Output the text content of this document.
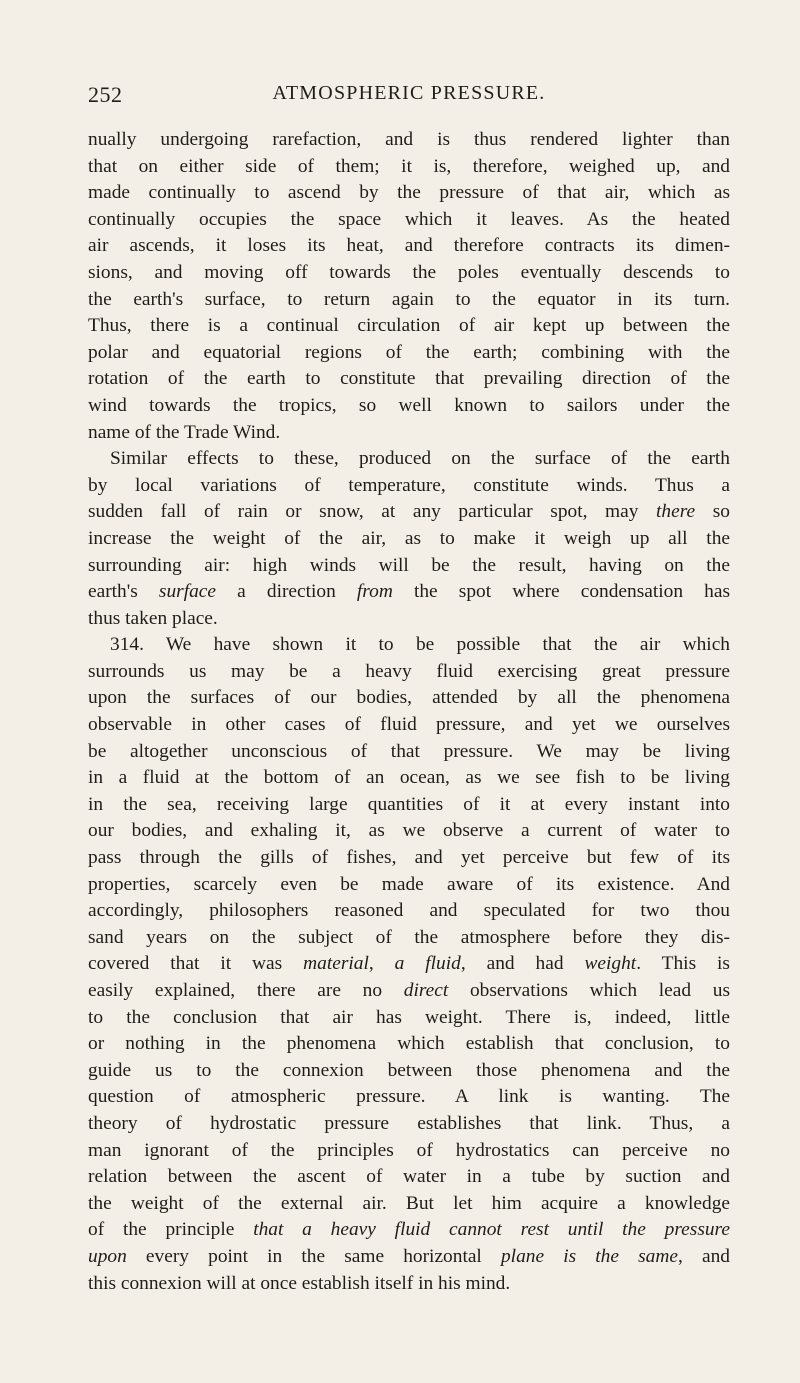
252	ATMOSPHERIC PRESSURE.
nually undergoing rarefaction, and is thus rendered lighter than
that on either side of them; it is, therefore, weighed up, and
made continually to ascend by the pressure of that air, which as
continually occupies the space which it leaves. As the heated
air ascends, it loses its heat, and therefore contracts its dimen-
sions, and moving off towards the poles eventually descends to
the earth's surface, to return again to the equator in its turn.
Thus, there is a continual circulation of air kept up between the
polar and equatorial regions of the earth; combining with the
rotation of the earth to constitute that prevailing direction of the
wind towards the tropics, so well known to sailors under the
name of the Trade Wind.
Similar effects to these, produced on the surface of the earth
by local variations of temperature, constitute winds. Thus a
sudden fall of rain or snow, at any particular spot, may there so
increase the weight of the air, as to make it weigh up all the
surrounding air: high winds will be the result, having on the
earth's surface a direction from the spot where condensation has
thus taken place.
314. We have shown it to be possible that the air which
surrounds us may be a heavy fluid exercising great pressure
upon the surfaces of our bodies, attended by all the phenomena
observable in other cases of fluid pressure, and yet we ourselves
be altogether unconscious of that pressure. We may be living
in a fluid at the bottom of an ocean, as we see fish to be living
in the sea, receiving large quantities of it at every instant into
our bodies, and exhaling it, as we observe a current of water to
pass through the gills of fishes, and yet perceive but few of its
properties, scarcely even be made aware of its existence. And
accordingly, philosophers reasoned and speculated for two thou
sand years on the subject of the atmosphere before they dis-
covered that it was material, a fluid, and had weight. This is
easily explained, there are no direct observations which lead us
to the conclusion that air has weight. There is, indeed, little
or nothing in the phenomena which establish that conclusion, to
guide us to the connexion between those phenomena and the
question of atmospheric pressure. A link is wanting. The
theory of hydrostatic pressure establishes that link. Thus, a
man ignorant of the principles of hydrostatics can perceive no
relation between the ascent of water in a tube by suction and
the weight of the external air. But let him acquire a knowledge
of the principle that a heavy fluid cannot rest until the pressure
upon every point in the same horizontal plane is the same, and
this connexion will at once establish itself in his mind.
